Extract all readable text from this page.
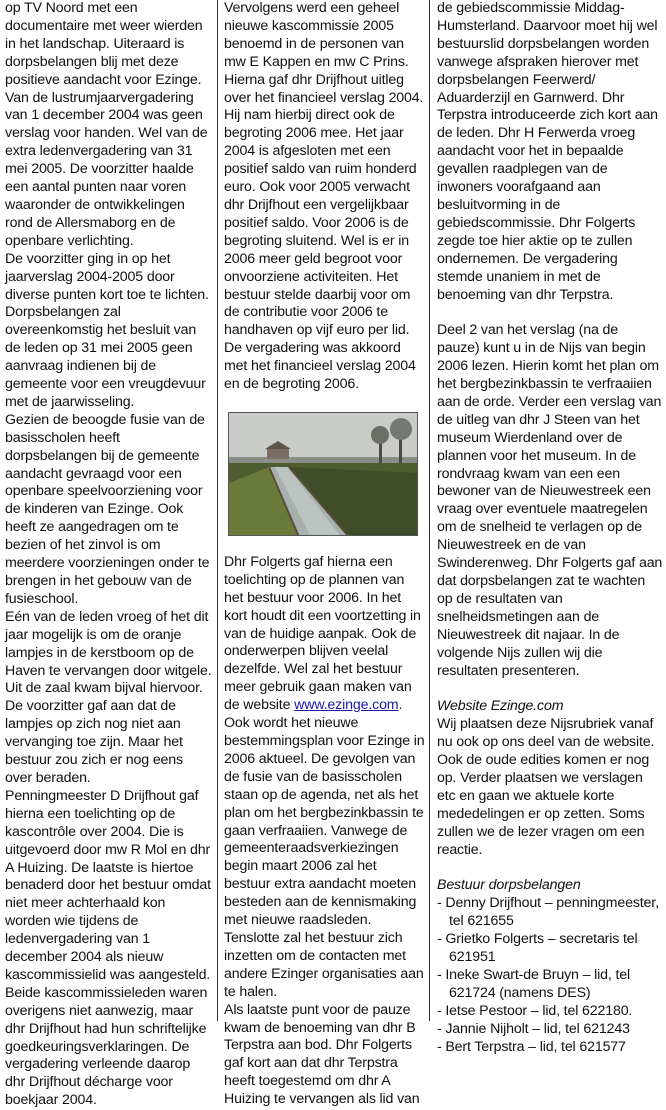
op TV Noord met een documentaire met weer wierden in het landschap. Uiteraard is dorpsbelangen blij met deze positieve aandacht voor Ezinge.

Van de lustrumjaarvergadering van 1 december 2004 was geen verslag voor handen. Wel van de extra ledenvergadering van 31 mei 2005. De voorzitter haalde een aantal punten naar voren waaronder de ontwikkelingen rond de Allersmaborg en de openbare verlichting.

De voorzitter ging in op het jaarverslag 2004-2005 door diverse punten kort toe te lichten. Dorpsbelangen zal overeenkomstig het besluit van de leden op 31 mei 2005 geen aanvraag indienen bij de gemeente voor een vreugdevuur met de jaarwisseling.

Gezien de beoogde fusie van de basisscholen heeft dorpsbelangen bij de gemeente aandacht gevraagd voor een openbare speelvoorziening voor de kinderen van Ezinge. Ook heeft ze aangedragen om te bezien of het zinvol is om meerdere voorzieningen onder te brengen in het gebouw van de fusieschool.

Eén van de leden vroeg of het dit jaar mogelijk is om de oranje lampjes in de kerstboom op de Haven te vervangen door witgele. Uit de zaal kwam bijval hiervoor. De voorzitter gaf aan dat de lampjes op zich nog niet aan vervanging toe zijn. Maar het bestuur zou zich er nog eens over beraden.

Penningmeester D Drijfhout gaf hierna een toelichting op de kascontrôle over 2004. Die is uitgevoerd door mw R Mol en dhr A Huizing. De laatste is hiertoe benaderd door het bestuur omdat niet meer achterhaald kon worden wie tijdens de ledenvergadering van 1 december 2004 als nieuw kascommissielid was aangesteld. Beide kascommissieleden waren overigens niet aanwezig, maar dhr Drijfhout had hun schriftelijke goedkeuringsverklaringen. De vergadering verleende daarop dhr Drijfhout décharge voor boekjaar 2004.

Vervolgens werd een geheel nieuwe kascommissie 2005 benoemd in de personen van mw E Kappen en mw C Prins. Hierna gaf dhr Drijfhout uitleg over het financieel verslag 2004. Hij nam hierbij direct ook de begroting 2006 mee. Het jaar 2004 is afgesloten met een positief saldo van ruim honderd euro. Ook voor 2005 verwacht dhr Drijfhout een vergelijkbaar positief saldo. Voor 2006 is de begroting sluitend. Wel is er in 2006 meer geld begroot voor onvoorziene activiteiten. Het bestuur stelde daarbij voor om de contributie voor 2006 te handhaven op vijf euro per lid. De vergadering was akkoord met het financieel verslag 2004 en de begroting 2006.

Dhr Folgerts gaf hierna een toelichting op de plannen van het bestuur voor 2006. In het kort houdt dit een voortzetting in van de huidige aanpak. Ook de onderwerpen blijven veelal dezelfde. Wel zal het bestuur meer gebruik gaan maken van de website www.ezinge.com. Ook wordt het nieuwe bestemmingsplan voor Ezinge in 2006 aktueel. De gevolgen van de fusie van de basisscholen staan op de agenda, net als het plan om het bergbezinkbassin te gaan verfraaiien. Vanwege de gemeenteraadsverkiezingen begin maart 2006 zal het bestuur extra aandacht moeten besteden aan de kennismaking met nieuwe raadsleden.

Tenslotte zal het bestuur zich inzetten om de contacten met andere Ezinger organisaties aan te halen.

Als laatste punt voor de pauze kwam de benoeming van dhr B Terpstra aan bod. Dhr Folgerts gaf kort aan dat dhr Terpstra heeft toegestemd om dhr A Huizing te vervangen als lid van

de gebiedscommissie Middag-Humsterland. Daarvoor moet hij wel bestuurslid dorpsbelangen worden vanwege afspraken hierover met dorpsbelangen Feerwerd/ Aduarderzijl en Garnwerd. Dhr Terpstra introduceerde zich kort aan de leden. Dhr H Ferwerda vroeg aandacht voor het in bepaalde gevallen raadplegen van de inwoners voorafgaand aan besluitvorming in de gebiedscommissie. Dhr Folgerts zegde toe hier aktie op te zullen ondernemen. De vergadering stemde unaniem in met de benoeming van dhr Terpstra.

Deel 2 van het verslag (na de pauze) kunt u in de Nijs van begin 2006 lezen. Hierin komt het plan om het bergbezinkbassin te verfraaiien aan de orde. Verder een verslag van de uitleg van dhr J Steen van het museum Wierdenland over de plannen voor het museum. In de rondvraag kwam van een een bewoner van de Nieuwestreek een vraag over eventuele maatregelen om de snelheid te verlagen op de Nieuwestreek en de van Swinderenweg. Dhr Folgerts gaf aan dat dorpsbelangen zat te wachten op de resultaten van snelheidsmetingen aan de Nieuwestreek dit najaar. In de volgende Nijs zullen wij die resultaten presenteren.

Website Ezinge.com

Wij plaatsen deze Nijsrubriek vanaf nu ook op ons deel van de website. Ook de oude edities komen er nog op. Verder plaatsen we verslagen etc en gaan we aktuele korte mededelingen er op zetten. Soms zullen we de lezer vragen om een reactie.

Bestuur dorpsbelangen

- Denny Drijfhout – penningmeester, tel 621655
- Grietko Folgerts – secretaris tel 621951
- Ineke Swart-de Bruyn – lid, tel 621724 (namens DES)
- Ietse Pestoor – lid, tel 622180.
- Jannie Nijholt – lid, tel 621243
- Bert Terpstra – lid, tel 621577
